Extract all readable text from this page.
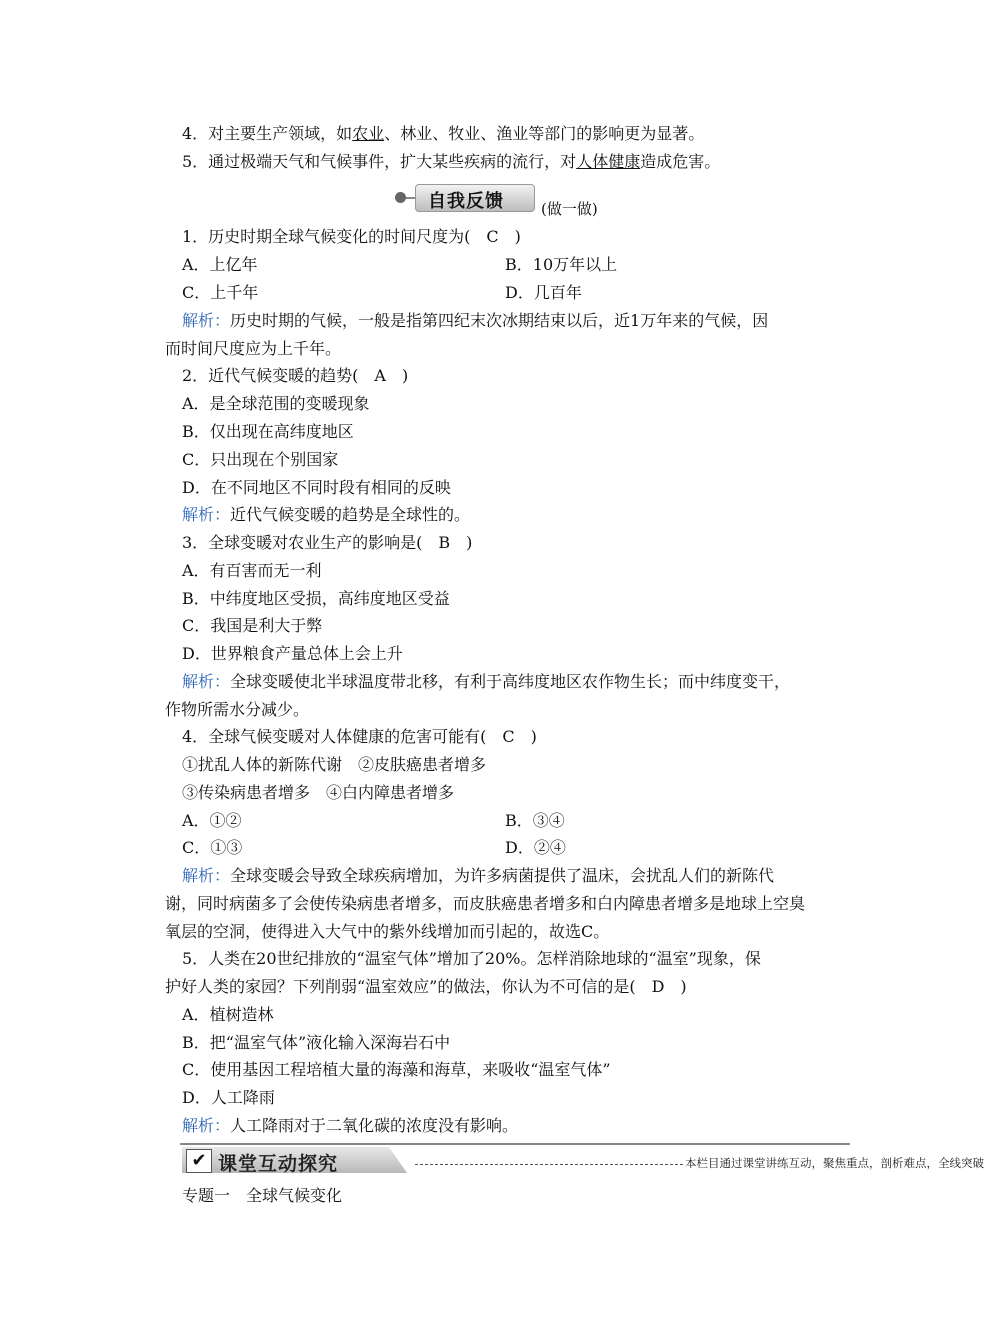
4．对主要生产领域，如农业、林业、牧业、渔业等部门的影响更为显著。
5．通过极端天气和气候事件，扩大某些疾病的流行，对人体健康造成危害。
自我反馈 (做一做)
1．历史时期全球气候变化的时间尺度为(　C　)
A．上亿年	B．10万年以上
C．上千年	D．几百年
解析：历史时期的气候，一般是指第四纪末次冰期结束以后，近1万年来的气候，因
而时间尺度应为上千年。
2．近代气候变暖的趋势(　A　)
A．是全球范围的变暖现象
B．仅出现在高纬度地区
C．只出现在个别国家
D．在不同地区不同时段有相同的反映
解析：近代气候变暖的趋势是全球性的。
3．全球变暖对农业生产的影响是(　B　)
A．有百害而无一利
B．中纬度地区受损，高纬度地区受益
C．我国是利大于弊
D．世界粮食产量总体上会上升
解析：全球变暖使北半球温度带北移，有利于高纬度地区农作物生长；而中纬度变干，
作物所需水分减少。
4．全球气候变暖对人体健康的危害可能有(　C　)
①扰乱人体的新陈代谢　②皮肤癌患者增多
③传染病患者增多　④白内障患者增多
A．①②	B．③④
C．①③	D．②④
解析：全球变暖会导致全球疾病增加，为许多病菌提供了温床，会扰乱人们的新陈代
谢，同时病菌多了会使传染病患者增多，而皮肤癌患者增多和白内障患者增多是地球上空臭
氧层的空洞，使得进入大气中的紫外线增加而引起的，故选C。
5．人类在20世纪排放的“温室气体”增加了20%。怎样消除地球的“温室”现象，保
护好人类的家园？下列削弱“温室效应”的做法，你认为不可信的是(　D　)
A．植树造林
B．把“温室气体”液化输入深海岩石中
C．使用基因工程培植大量的海藻和海草，来吸收“温室气体”
D．人工降雨
解析：人工降雨对于二氧化碳的浓度没有影响。
✔ 课堂互动探究	本栏目通过课堂讲练互动，聚焦重点，剖析难点，全线突破
专题一　全球气候变化
